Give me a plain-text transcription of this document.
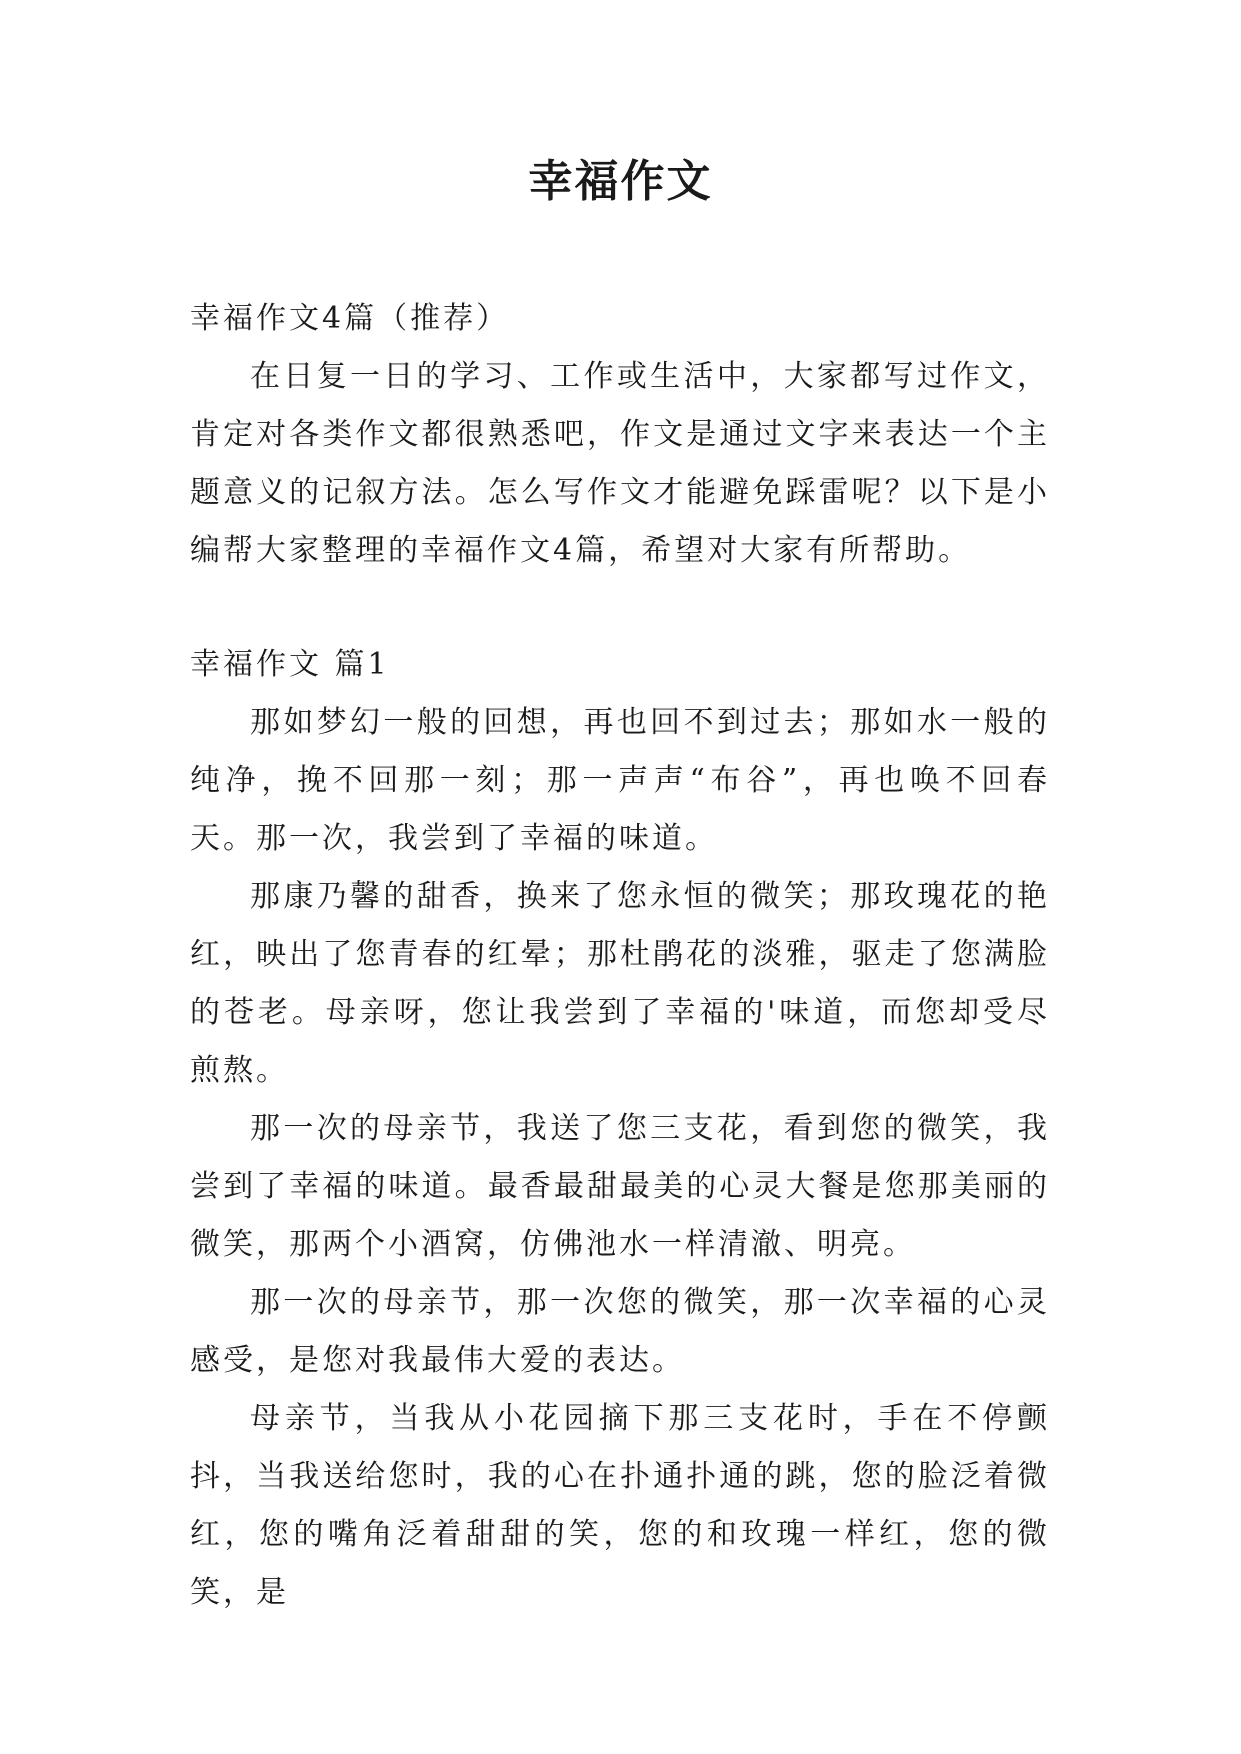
幸福作文
幸福作文4篇（推荐）

在日复一日的学习、工作或生活中，大家都写过作文，肯定对各类作文都很熟悉吧，作文是通过文字来表达一个主题意义的记叙方法。怎么写作文才能避免踩雷呢？以下是小编帮大家整理的幸福作文4篇，希望对大家有所帮助。

幸福作文 篇1

那如梦幻一般的回想，再也回不到过去；那如水一般的纯净，挽不回那一刻；那一声声“布谷”，再也唤不回春天。那一次，我尝到了幸福的味道。

那康乃馨的甜香，换来了您永恒的微笑；那玫瑰花的艳红，映出了您青春的红晕；那杜鹃花的淡雅，驱走了您满脸的苍老。母亲呀，您让我尝到了幸福的'味道，而您却受尽煎熬。

那一次的母亲节，我送了您三支花，看到您的微笑，我尝到了幸福的味道。最香最甜最美的心灵大餐是您那美丽的微笑，那两个小酒窝，仿佛池水一样清澈、明亮。

那一次的母亲节，那一次您的微笑，那一次幸福的心灵感受，是您对我最伟大爱的表达。

母亲节，当我从小花园摘下那三支花时，手在不停颤抖，当我送给您时，我的心在扑通扑通的跳，您的脸泛着微红，您的嘴角泛着甜甜的笑，您的和玫瑰一样红，您的微笑，是
